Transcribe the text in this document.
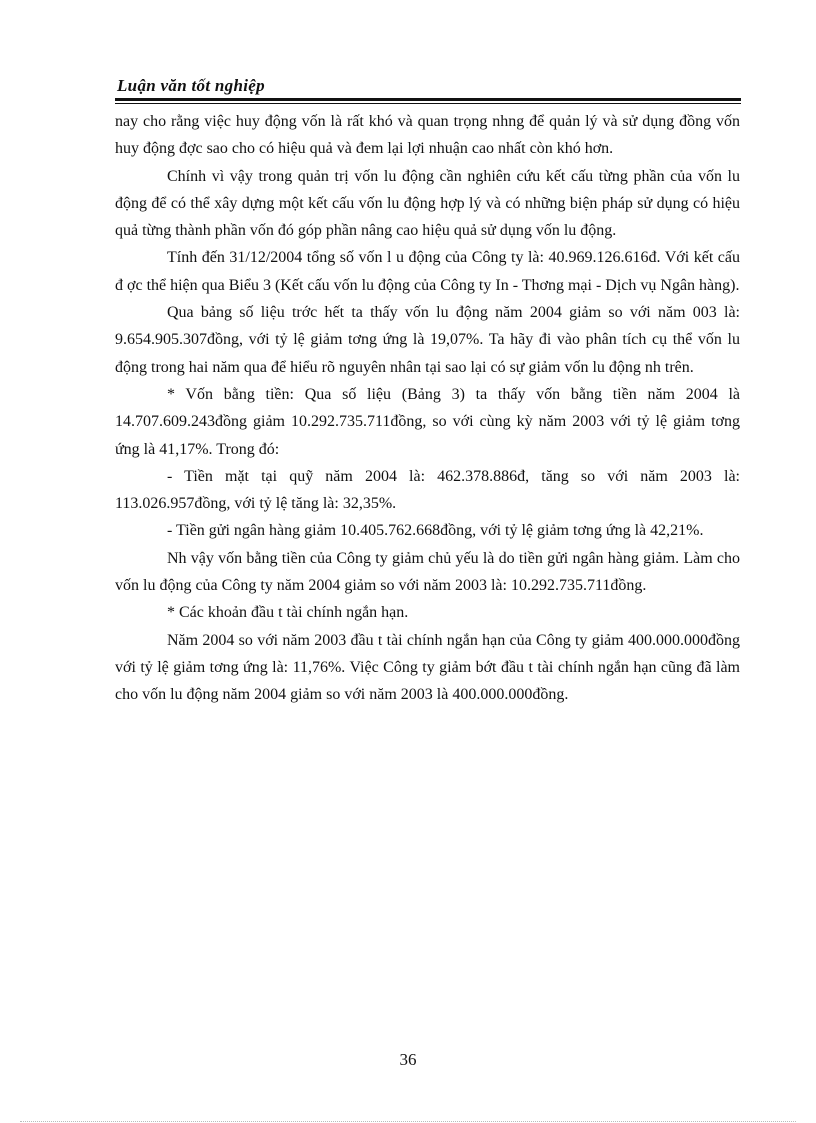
Luận văn tốt nghiệp

nay cho rằng việc huy động vốn là rất khó và quan trọng nhng để quản lý và sử dụng đồng vốn huy động đợc sao cho có hiệu quả và đem lại lợi nhuận cao nhất còn khó hơn.

Chính vì vậy trong quản trị vốn lu động cần nghiên cứu kết cấu từng phần của vốn lu động để có thể xây dựng một kết cấu vốn lu động hợp lý và có những biện pháp sử dụng có hiệu quả từng thành phần vốn đó góp phần nâng cao hiệu quả sử dụng vốn lu động.

Tính đến 31/12/2004 tổng số vốn l u động của Công ty là: 40.969.126.616đ. Với kết cấu đ ợc thể hiện qua Biểu 3 (Kết cấu vốn lu động của Công ty In - Thơng mại - Dịch vụ Ngân hàng).

Qua bảng số liệu trớc hết ta thấy vốn lu động năm 2004 giảm so với năm 003 là: 9.654.905.307đồng, với tỷ lệ giảm tơng ứng là 19,07%. Ta hãy đi vào phân tích cụ thể vốn lu động trong hai năm qua để hiểu rõ nguyên nhân tại sao lại có sự giảm vốn lu động nh trên.

* Vốn bằng tiền: Qua số liệu (Bảng 3) ta thấy vốn bằng tiền năm 2004 là 14.707.609.243đồng giảm 10.292.735.711đồng, so với cùng kỳ năm 2003 với tỷ lệ giảm tơng ứng là 41,17%. Trong đó:

- Tiền mặt tại quỹ năm 2004 là: 462.378.886đ, tăng so với năm 2003 là: 113.026.957đồng, với tỷ lệ tăng là: 32,35%.

- Tiền gửi ngân hàng giảm 10.405.762.668đồng, với tỷ lệ giảm tơng ứng là 42,21%.

Nh vậy vốn bằng tiền của Công ty giảm chủ yếu là do tiền gửi ngân hàng giảm. Làm cho vốn lu động của Công ty năm 2004 giảm so với năm 2003 là: 10.292.735.711đồng.

* Các khoản đầu t tài chính ngắn hạn.

Năm 2004 so với năm 2003 đầu t tài chính ngắn hạn của Công ty giảm 400.000.000đồng với tỷ lệ giảm tơng ứng là: 11,76%. Việc Công ty giảm bớt đầu t tài chính ngắn hạn cũng đã làm cho vốn lu động năm 2004 giảm so với năm 2003 là 400.000.000đồng.

36
